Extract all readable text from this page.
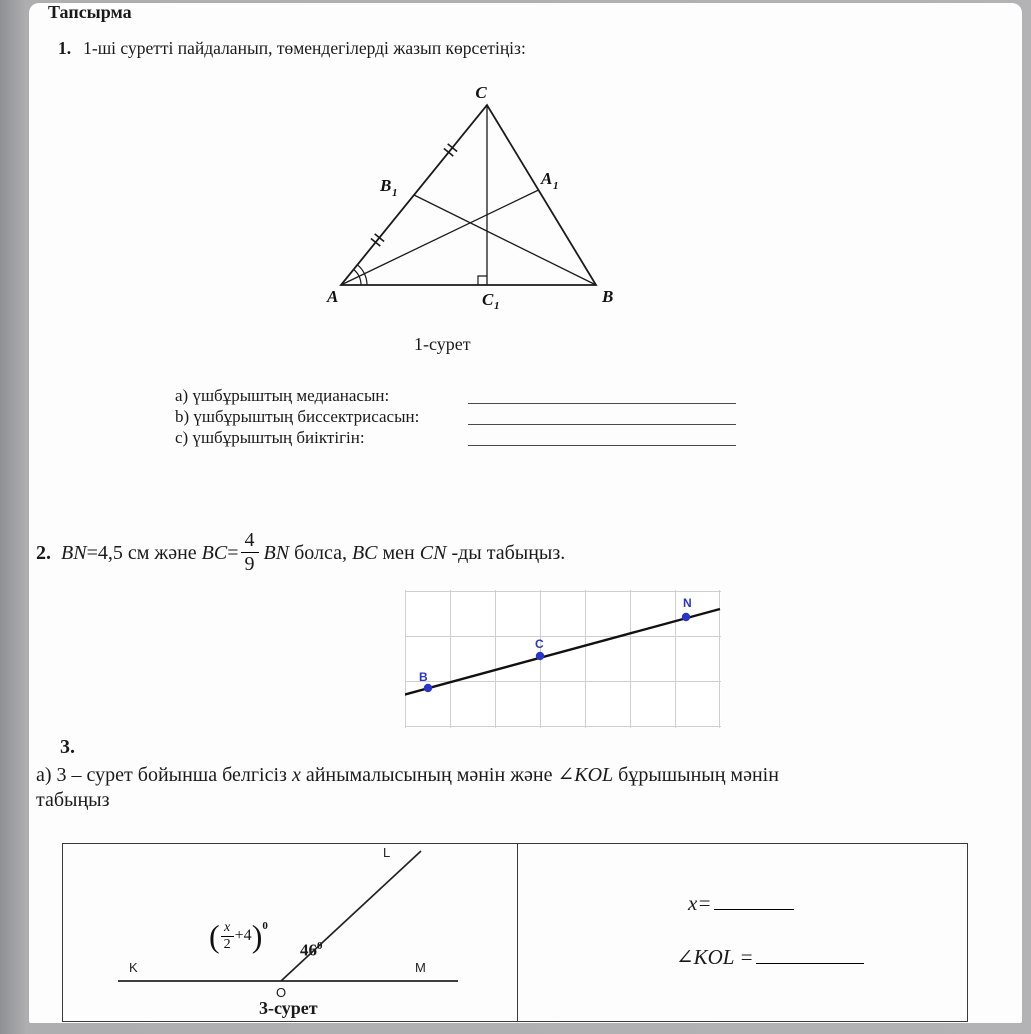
Тапсырма
1. 1-ші суретті пайдаланып, төмендегілерді жазып көрсетіңіз:
C
A	B
B 1
A 1
C 1
1-сурет
a) үшбұрыштың медианасын:
b) үшбұрыштың биссектрисасын:
c) үшбұрыштың биіктігін:
2. BN=4,5 см және $BC= \frac{4}{9}$ BN болса, BC мен CN -ды табыңыз.
B
C
N
3.
a) 3 – сурет бойынша белгісіз x айнымалысының мәнін және ∠KOL бұрышының мәнін
табыңыз
K	M
O
L
( $\frac{x}{2} +4$ )$^0$
$46^0$
3-сурет
x=
∠KOL =
